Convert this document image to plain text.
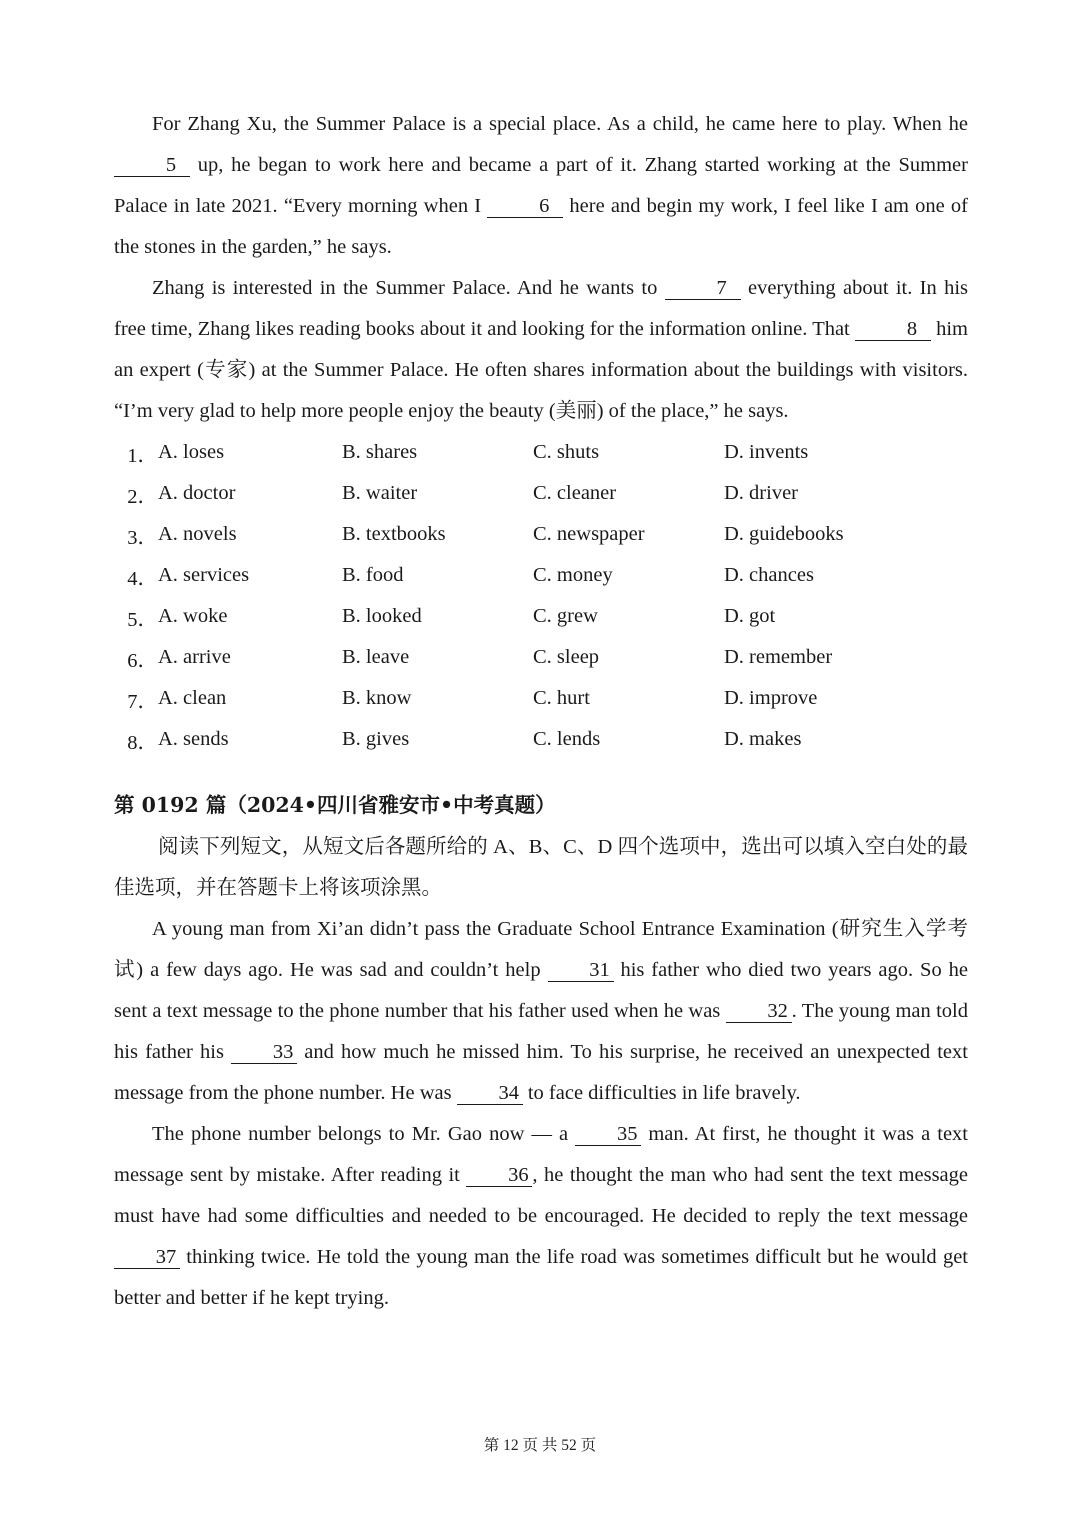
For Zhang Xu, the Summer Palace is a special place. As a child, he came here to play. When he 5 up, he began to work here and became a part of it. Zhang started working at the Summer Palace in late 2021. “Every morning when I	6 here and begin my work, I feel like I am one of the stones in the garden,” he says.

Zhang is interested in the Summer Palace. And he wants to	7 everything about it. In his free time, Zhang likes reading books about it and looking for the information online. That	8 him an expert (专家) at the Summer Palace. He often shares information about the buildings with visitors. “I’m very glad to help more people enjoy the beauty (美丽) of the place,” he says.

1． A. loses	B. shares	C. shuts	D. invents
2． A. doctor	B. waiter	C. cleaner	D. driver
3． A. novels	B. textbooks	C. newspaper	D. guidebooks
4． A. services	B. food	C. money	D. chances
5． A. woke	B. looked	C. grew	D. got
6． A. arrive	B. leave	C. sleep	D. remember
7． A. clean	B. know	C. hurt	D. improve
8． A. sends	B. gives	C. lends	D. makes
第 0192 篇（2024•四川省雅安市•中考真题）

阅读下列短文，从短文后各题所给的 A、B、C、D 四个选项中，选出可以填入空白处的最佳选项，并在答题卡上将该项涂黑。

A young man from Xi’an didn’t pass the Graduate School Entrance Examination (研究生入学考试) a few days ago. He was sad and couldn’t help 31 his father who died two years ago. So he sent a text message to the phone number that his father used when he was 32 . The young man told his father his 33 and how much he missed him. To his surprise, he received an unexpected text message from the phone number. He was 34 to face difficulties in life bravely.

The phone number belongs to Mr. Gao now — a 35 man. At first, he thought it was a text message sent by mistake. After reading it 36 , he thought the man who had sent the text message must have had some difficulties and needed to be encouraged. He decided to reply the text message 37 thinking twice. He told the young man the life road was sometimes difficult but he would get better and better if he kept trying.

第 12 页 共 52 页
